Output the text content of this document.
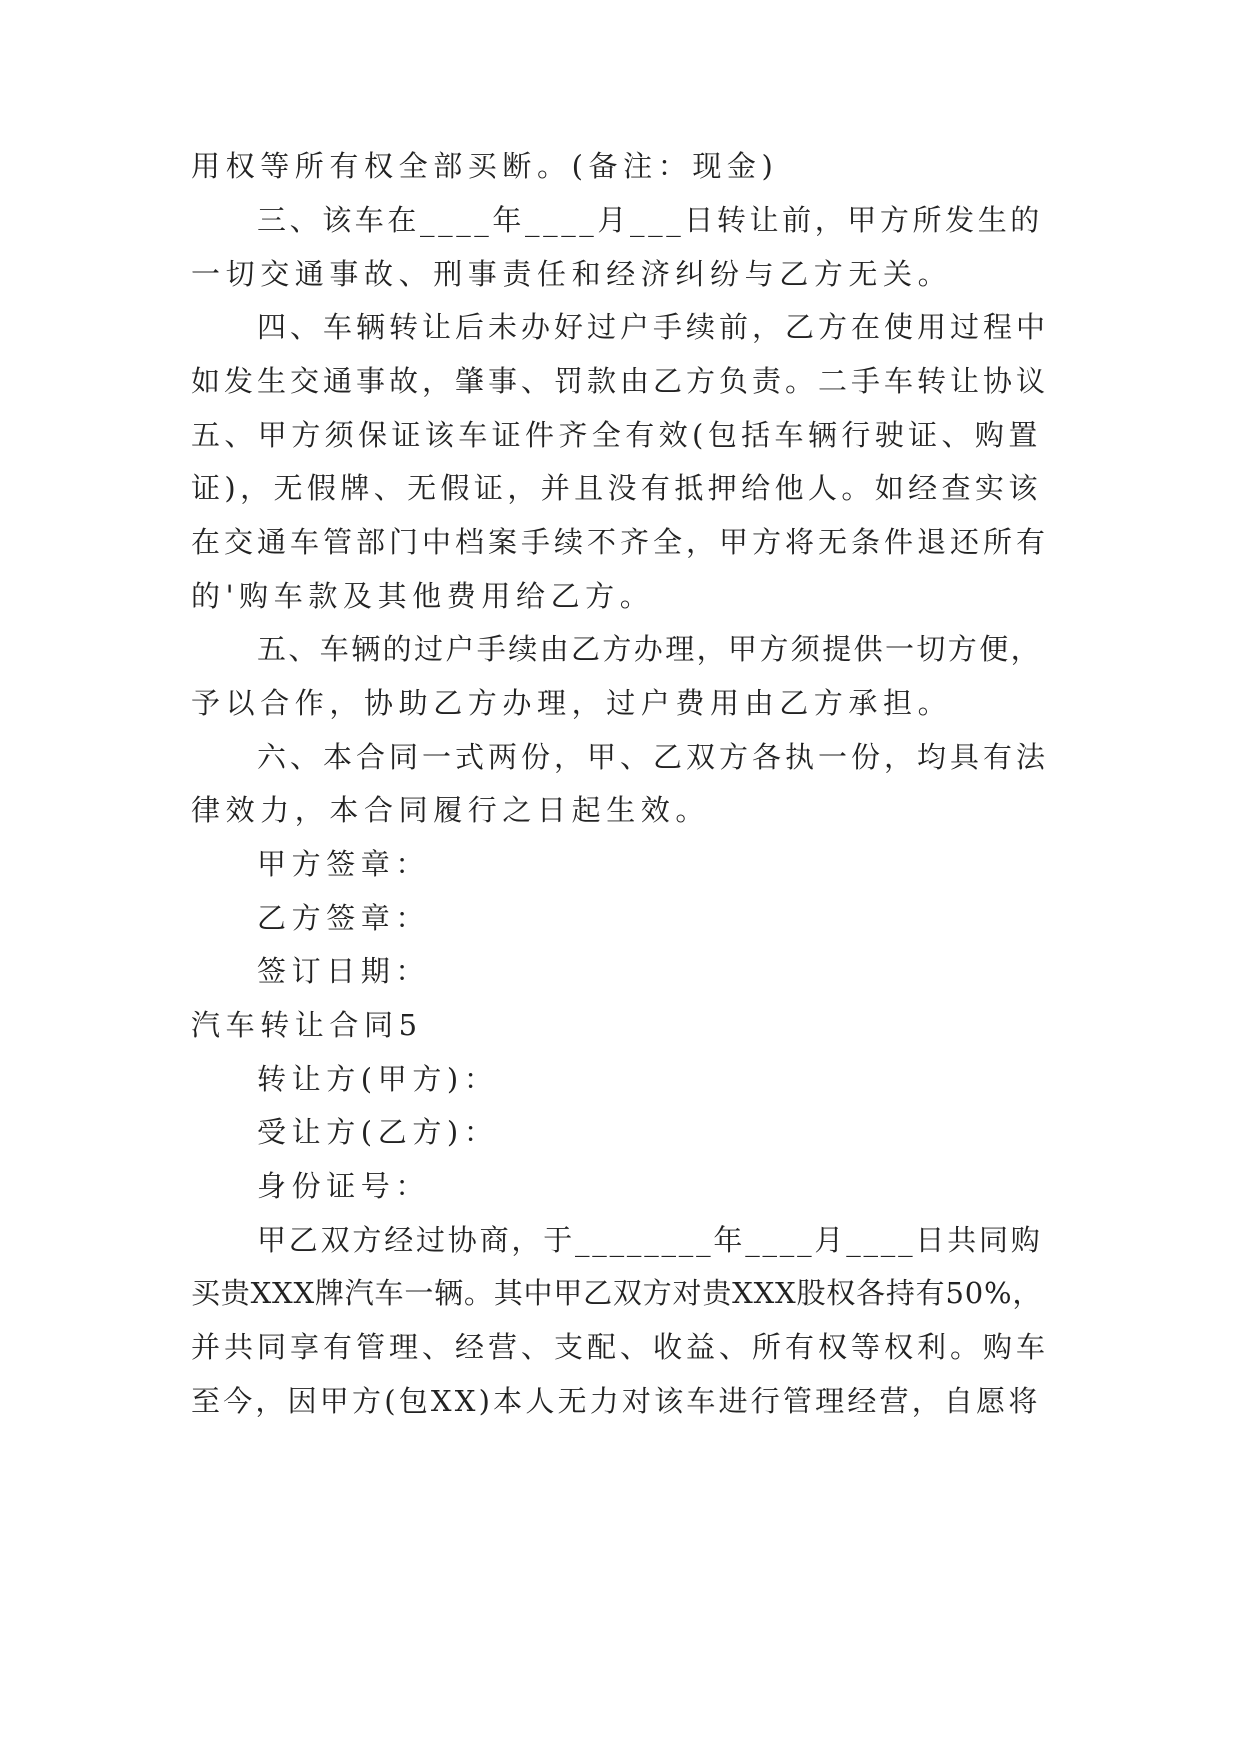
用权等所有权全部买断。(备注：现金)
三、该车在____年____月___日转让前，甲方所发生的
一切交通事故、刑事责任和经济纠纷与乙方无关。
四、车辆转让后未办好过户手续前，乙方在使用过程中
如发生交通事故，肇事、罚款由乙方负责。二手车转让协议
五、甲方须保证该车证件齐全有效(包括车辆行驶证、购置
证)，无假牌、无假证，并且没有抵押给他人。如经查实该
在交通车管部门中档案手续不齐全，甲方将无条件退还所有
的'购车款及其他费用给乙方。
五、车辆的过户手续由乙方办理，甲方须提供一切方便，
予以合作，协助乙方办理，过户费用由乙方承担。
六、本合同一式两份，甲、乙双方各执一份，均具有法
律效力，本合同履行之日起生效。
甲方签章：
乙方签章：
签订日期：
汽车转让合同5
转让方(甲方)：
受让方(乙方)：
身份证号：
甲乙双方经过协商，于________年____月____日共同购
买贵XXX牌汽车一辆。其中甲乙双方对贵XXX股权各持有50%，
并共同享有管理、经营、支配、收益、所有权等权利。购车
至今，因甲方(包XX)本人无力对该车进行管理经营，自愿将
